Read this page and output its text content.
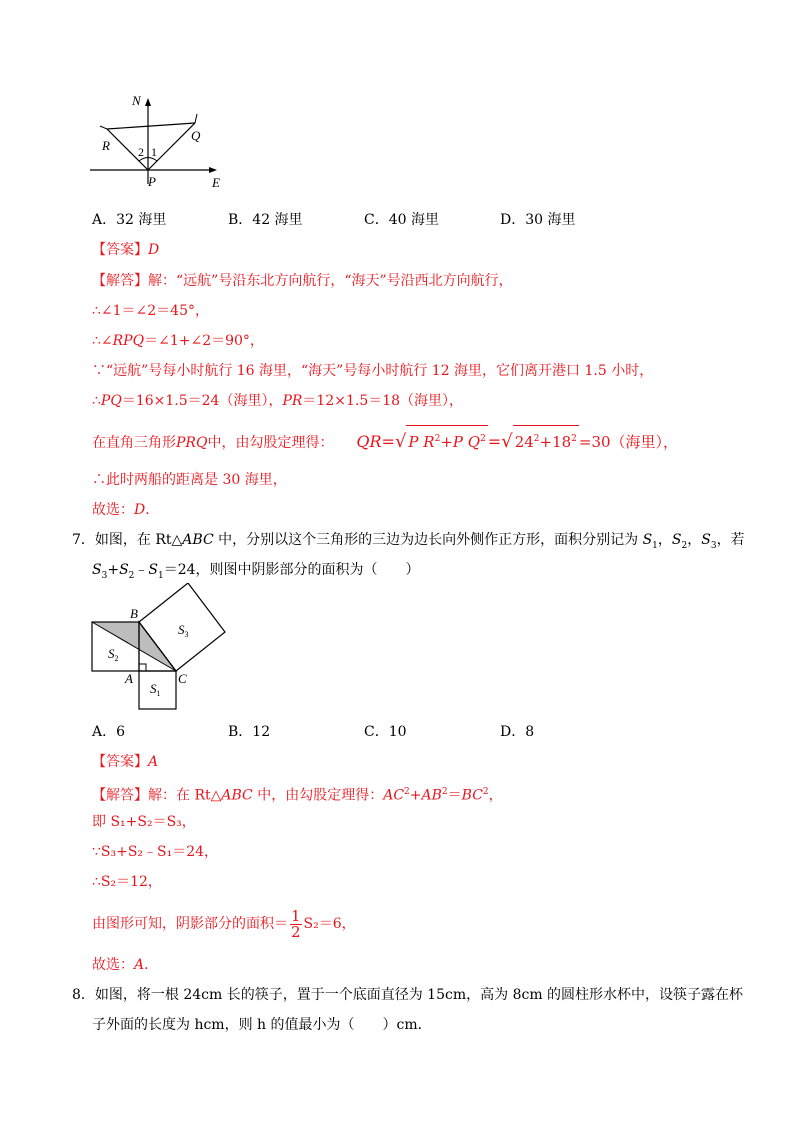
N
R
Q
P	E
2 1
A．32 海里	B．42 海里	C．40 海里	D．30 海里
【答案】D
【解答】解：“远航”号沿东北方向航行，“海天”号沿西北方向航行，
∴∠1＝∠2＝45°，
∴∠RPQ＝∠1+∠2＝90°，
∵“远航”号每小时航行 16 海里，“海天”号每小时航行 12 海里，它们离开港口 1.5 小时，
∴PQ＝16×1.5＝24（海里），PR＝12×1.5＝18（海里），
在直角三角形PRQ中，由勾股定理得： QR=√ P $R^2+P$ $Q^2$ =√ $24^2+18^2 =30$（海里），
∴此时两船的距离是 30 海里，
故选：D．
7．如图，在 Rt△ABC 中，分别以这个三角形的三边为边长向外侧作正方形，面积分别记为 $S_1$，$S_2$，$S_3$，若
$S_3+S_2﹣S_1=24$，则图中阴影部分的面积为（　　）
B
A	C
$S_2$
$S_1$
$S_3$
A．6	B．12	C．10	D．8
【答案】A
【解答】解：在 Rt△ABC 中，由勾股定理得：$AC^2+AB^2=BC^2$，
即 S₁+S₂＝S₃，
∵S₃+S₂﹣S₁＝24，
∴S₂＝12，
由图形可知，阴影部分的面积＝ $\frac{1}{2} S_2=6$，
故选：A．
8．如图，将一根 24cm 长的筷子，置于一个底面直径为 15cm，高为 8cm 的圆柱形水杯中，设筷子露在杯
子外面的长度为 hcm，则 h 的值最小为（　　）cm．
